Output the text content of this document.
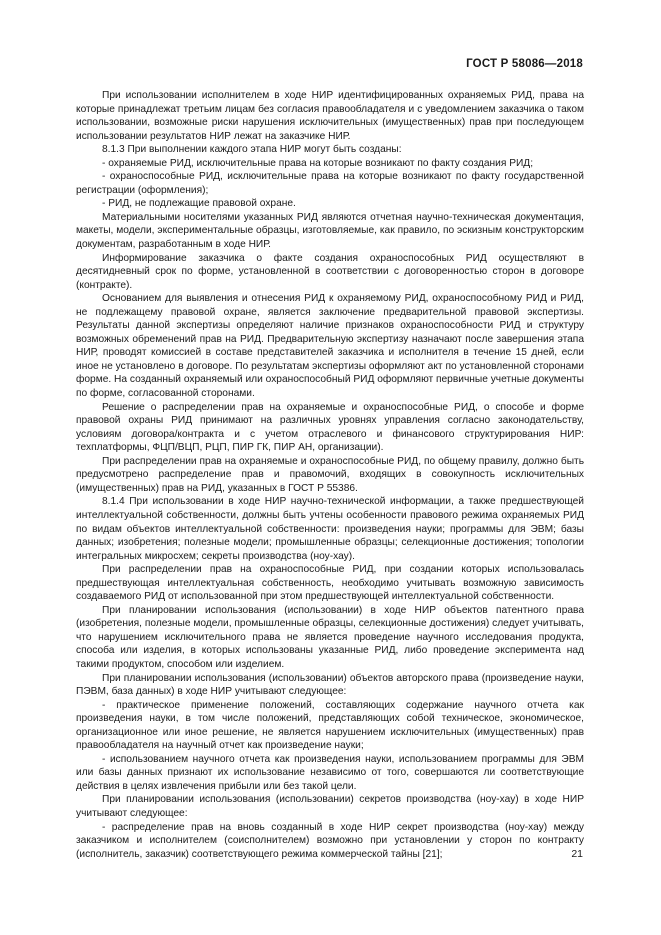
ГОСТ Р 58086—2018

При использовании исполнителем в ходе НИР идентифицированных охраняемых РИД, права на которые принадлежат третьим лицам без согласия правообладателя и с уведомлением заказчика о таком использовании, возможные риски нарушения исключительных (имущественных) прав при последующем использовании результатов НИР лежат на заказчике НИР.

8.1.3 При выполнении каждого этапа НИР могут быть созданы:

- охраняемые РИД, исключительные права на которые возникают по факту создания РИД;

- охраноспособные РИД, исключительные права на которые возникают по факту государственной регистрации (оформления);

- РИД, не подлежащие правовой охране.

Материальными носителями указанных РИД являются отчетная научно-техническая документация, макеты, модели, экспериментальные образцы, изготовляемые, как правило, по эскизным конструкторским документам, разработанным в ходе НИР.

Информирование заказчика о факте создания охраноспособных РИД осуществляют в десятидневный срок по форме, установленной в соответствии с договоренностью сторон в договоре (контракте).

Основанием для выявления и отнесения РИД к охраняемому РИД, охраноспособному РИД и РИД, не подлежащему правовой охране, является заключение предварительной правовой экспертизы. Результаты данной экспертизы определяют наличие признаков охраноспособности РИД и структуру возможных обременений прав на РИД. Предварительную экспертизу назначают после завершения этапа НИР, проводят комиссией в составе представителей заказчика и исполнителя в течение 15 дней, если иное не установлено в договоре. По результатам экспертизы оформляют акт по установленной сторонами форме. На созданный охраняемый или охраноспособный РИД оформляют первичные учетные документы по форме, согласованной сторонами.

Решение о распределении прав на охраняемые и охраноспособные РИД, о способе и форме правовой охраны РИД принимают на различных уровнях управления согласно законодательству, условиям договора/контракта и с учетом отраслевого и финансового структурирования НИР: техплатформы, ФЦП/ВЦП, РЦП, ПИР ГК, ПИР АН, организации).

При распределении прав на охраняемые и охраноспособные РИД, по общему правилу, должно быть предусмотрено распределение прав и правомочий, входящих в совокупность исключительных (имущественных) прав на РИД, указанных в ГОСТ Р 55386.

8.1.4 При использовании в ходе НИР научно-технической информации, а также предшествующей интеллектуальной собственности, должны быть учтены особенности правового режима охраняемых РИД по видам объектов интеллектуальной собственности: произведения науки; программы для ЭВМ; базы данных; изобретения; полезные модели; промышленные образцы; селекционные достижения; топологии интегральных микросхем; секреты производства (ноу-хау).

При распределении прав на охраноспособные РИД, при создании которых использовалась предшествующая интеллектуальная собственность, необходимо учитывать возможную зависимость создаваемого РИД от использованной при этом предшествующей интеллектуальной собственности.

При планировании использования (использовании) в ходе НИР объектов патентного права (изобретения, полезные модели, промышленные образцы, селекционные достижения) следует учитывать, что нарушением исключительного права не является проведение научного исследования продукта, способа или изделия, в которых использованы указанные РИД, либо проведение эксперимента над такими продуктом, способом или изделием.

При планировании использования (использовании) объектов авторского права (произведение науки, ПЭВМ, база данных) в ходе НИР учитывают следующее:

- практическое применение положений, составляющих содержание научного отчета как произведения науки, в том числе положений, представляющих собой техническое, экономическое, организационное или иное решение, не является нарушением исключительных (имущественных) прав правообладателя на научный отчет как произведение науки;

- использованием научного отчета как произведения науки, использованием программы для ЭВМ или базы данных признают их использование независимо от того, совершаются ли соответствующие действия в целях извлечения прибыли или без такой цели.

При планировании использования (использовании) секретов производства (ноу-хау) в ходе НИР учитывают следующее:

- распределение прав на вновь созданный в ходе НИР секрет производства (ноу-хау) между заказчиком и исполнителем (соисполнителем) возможно при установлении у сторон по контракту (исполнитель, заказчик) соответствующего режима коммерческой тайны [21];	21
